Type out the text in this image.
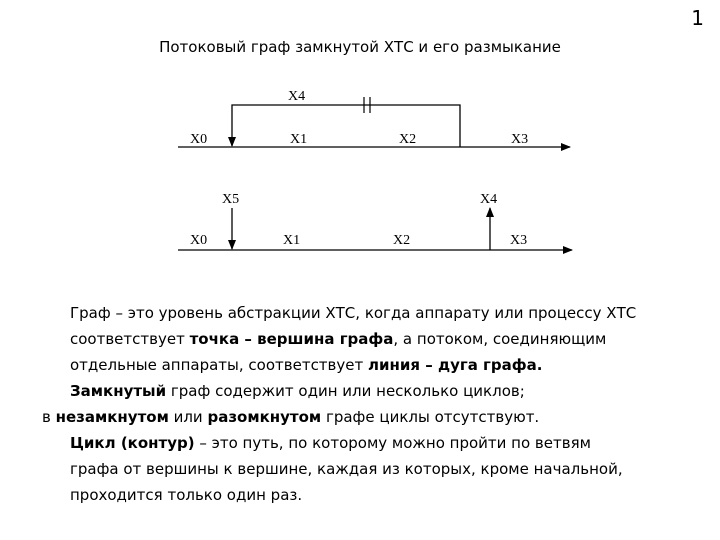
1
Потоковый граф замкнутой ХТС и его размыкание
X4
X0	X1	X2	X3
X5	X4
X0	X1	X2	X3

Граф – это уровень абстракции ХТС, когда аппарату или процессу ХТС соответствует точка – вершина графа, а потоком, соединяющим отдельные аппараты, соответствует линия – дуга графа.

Замкнутый граф содержит один или несколько циклов;

в незамкнутом или разомкнутом графе циклы отсутствуют.

Цикл (контур) – это путь, по которому можно пройти по ветвям графа от вершины к вершине, каждая из которых, кроме начальной, проходится только один раз.
